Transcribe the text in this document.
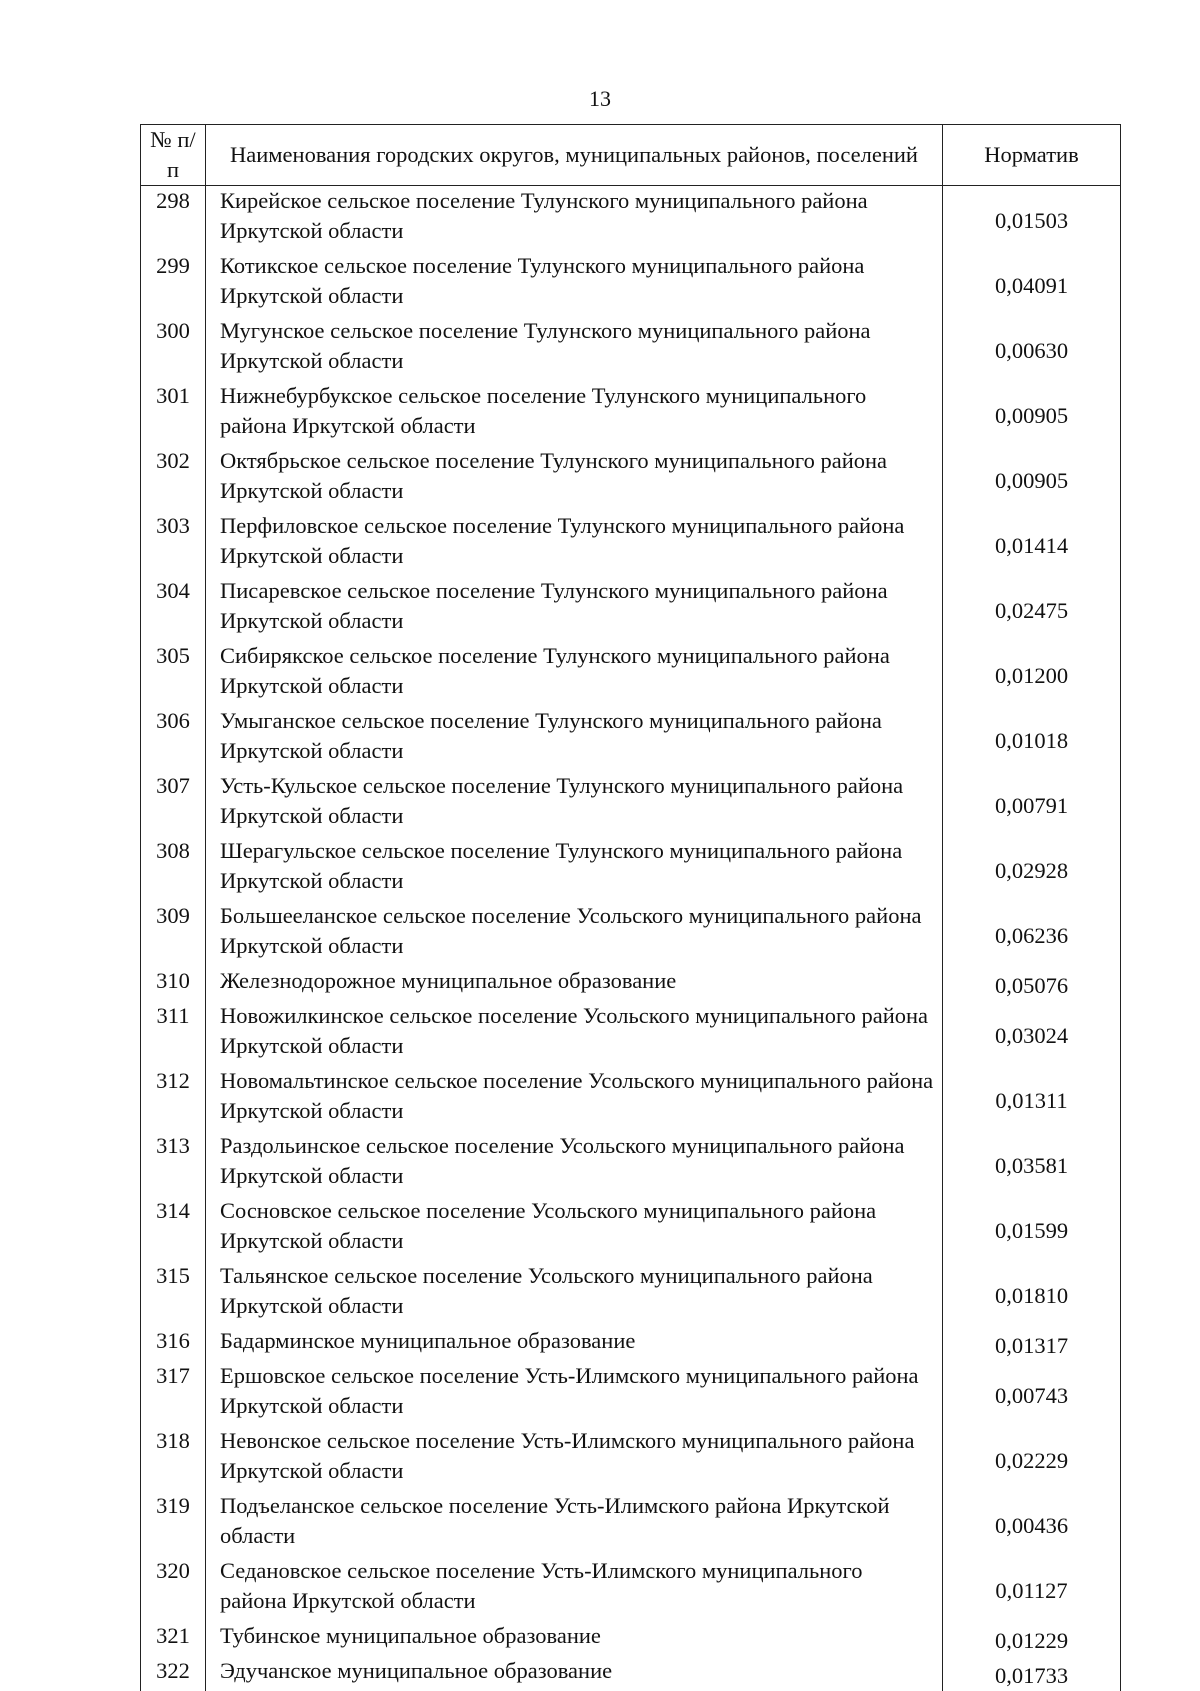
13
№ п/п	Наименования городских округов, муниципальных районов, поселений	Норматив
298	Кирейское сельское поселение Тулунского муниципального района Иркутской области	0,01503
299	Котикское сельское поселение Тулунского муниципального района Иркутской области	0,04091
300	Мугунское сельское поселение Тулунского муниципального района Иркутской области	0,00630
301	Нижнебурбукское сельское поселение Тулунского муниципального района Иркутской области	0,00905
302	Октябрьское сельское поселение Тулунского муниципального района Иркутской области	0,00905
303	Перфиловское сельское поселение Тулунского муниципального района Иркутской области	0,01414
304	Писаревское сельское поселение Тулунского муниципального района Иркутской области	0,02475
305	Сибирякское сельское поселение Тулунского муниципального района Иркутской области	0,01200
306	Умыганское сельское поселение Тулунского муниципального района Иркутской области	0,01018
307	Усть-Кульское сельское поселение Тулунского муниципального района Иркутской области	0,00791
308	Шерагульское сельское поселение Тулунского муниципального района Иркутской области	0,02928
309	Большееланское сельское поселение Усольского муниципального района Иркутской области	0,06236
310	Железнодорожное муниципальное образование	0,05076
311	Новожилкинское сельское поселение Усольского муниципального района Иркутской области	0,03024
312	Новомальтинское сельское поселение Усольского муниципального района Иркутской области	0,01311
313	Раздольинское сельское поселение Усольского муниципального района Иркутской области	0,03581
314	Сосновское сельское поселение Усольского муниципального района Иркутской области	0,01599
315	Тальянское сельское поселение Усольского муниципального района Иркутской области	0,01810
316	Бадарминское муниципальное образование	0,01317
317	Ершовское сельское поселение Усть-Илимского муниципального района Иркутской области	0,00743
318	Невонское сельское поселение Усть-Илимского муниципального района Иркутской области	0,02229
319	Подъеланское сельское поселение Усть-Илимского района Иркутской области	0,00436
320	Седановское сельское поселение Усть-Илимского муниципального района Иркутской области	0,01127
321	Тубинское муниципальное образование	0,01229
322	Эдучанское муниципальное образование	0,01733
